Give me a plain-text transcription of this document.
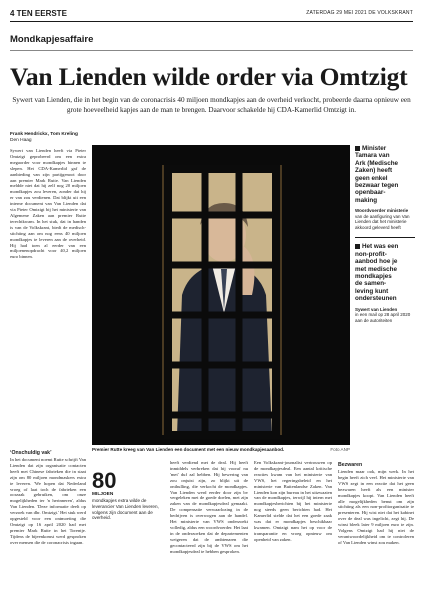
4 TEN EERSTE	ZATERDAG 29 MEI 2021 DE VOLKSKRANT
Mondkapjesaffaire
Van Lienden wilde order via Omtzigt
Sywert van Lienden, die in het begin van de coronacrisis 40 miljoen mondkapjes aan de overheid verkocht, probeerde daarna opnieuw een grote hoeveelheid kapjes aan de man te brengen. Daarvoor schakelde hij CDA-Kamerlid Omtzigt in.
Frank Hendrickx, Tom Kreling
Den Haag
Sywert van Lienden heeft via Pieter Omtzigt geprobeerd om een extra megaorder voor mondkapjes binnen te slepen. Het CDA-Kamerlid gaf de aanbieding van zijn partijgenoot door aan premier Mark Rutte. Van Lienden meldde niet dat hij zelf nog 20 miljoen mondkapjes zou leveren, zonder dat hij er van zou verdienen. Dat blijkt uit een interne document van Van Lienden dat via Pieter Omtzigt bij het ministerie van Algemene Zaken aan premier Rutte terechtkwam. In het stuk, dat in handen is van de Volkskrant, biedt de medisch-stichting aan om nog eens 40 miljoen mondkapjes te leveren aan de overheid. Hij had toen al eerder van een miljoenenopdracht voor 40,2 miljoen euro binnen.
‘Onschuldig vak’
In het document noemt Rutte schrijft Van Lienden dat zijn organisatie contacten heeft met Chinese fabrieken die in staat zijn om 80 miljoen mondmaskers extra te leveren. 'We hopen dat Nederland vroeg of laat toch de fabrieken een oorzaak gebruiken, om onze mogelijkheden ter 'n herinneren', aldus Van Lienden. 'Deze informatie deelt op verzoek van dhr. Omtzigt.' Het stuk werd opgesteld voor een ontmoeting die Omtzigt op 16 april 2020 had met premier Mark Rutte in het Torentje. Tijdens de bijeenkomst werd gesproken over mensen die de coronacrisis ingaan.
Premier Rutte kreeg van Van Lienden een document met een nieuw mondkapjesaanbod.	Foto ANP
Minister
Tamara van
Ark (Medische
Zaken) heeft
geen enkel
bezwaar tegen
openbaar-
making
Woordvoerder ministerie
van de aanfiguring van Van Lienden dat het ministerie akkoord geleverd heeft
Het was een
non-profit-
aanbod hoe je
met medische
mondkapjes
de samen-
leving kunt
ondersteunen
Sywert van Lienden
in een mail op 28 april 2020 aan de autoriteiten
80
MILJOEN
mondkapjes extra wilde de leverancier Van Lienden leveren, volgens zijn document aan de overheid.
heeft verdiend met de deal. Hij heeft inmiddels verbreken dat hij vooraf nu 'met' duf zal hebben. Hij bewering van zou onjuist zijn, zo blijkt uit de onthulling, die verkocht de mondkapjes. Van Lienden werd eerder door zijn bv vergeleken met de goede doelen, met zijn zaken van de mondkapjesdeal gemaakt. De compensatie verwaarlozing in de bedrijven is overwogen aan de handel. Het ministerie van VWS onderzoekt volledig, aldus een woordvoerder. Het laat in de onderzoeken dat de departementen weigeren dat de ambtenaren die gecontacteerd zijn bij de VWS om het mondkapjesdeal te hebben gesproken.
Een Volkskrant-journalist vertrouwen op de mondkapjesdeal. Een aantal kritische reacties kwam van het ministerie van VWS, het regeringsbeleid en het ministerie van Buitenlandse Zaken. Van Lienden kon zijn bureau in het uitzwaaien van de mondkapjes, terwijl hij intern met mondkapjesberichten bij het ministerie nog steeds geen berichten had. Het Kamerlid stelde dat het een goede zaak was dat er mondkapjes beschikbaar kwamen. Omtzigt nam het op voor de transparantie en vroeg opnieuw om openheid van zaken.
Bezwaren
Lienden maar ook, mijn werk. In het begin heeft zich veel. Het ministerie van VWS zegt in een reactie dat het geen bezwaren heeft als een minister mondkapjes koopt. Van Lienden heeft alle mogelijkheden benut om zijn stichting als een non-profitorganisatie te presenteren. Hij wist niet dat het kabinet over de deal was ingelicht, zegt hij. De winst bleek later 9 miljoen euro te zijn. Volgens Omtzigt had hij niet de verantwoordelijkheid om te controleren of Van Lienden winst zou maken.
